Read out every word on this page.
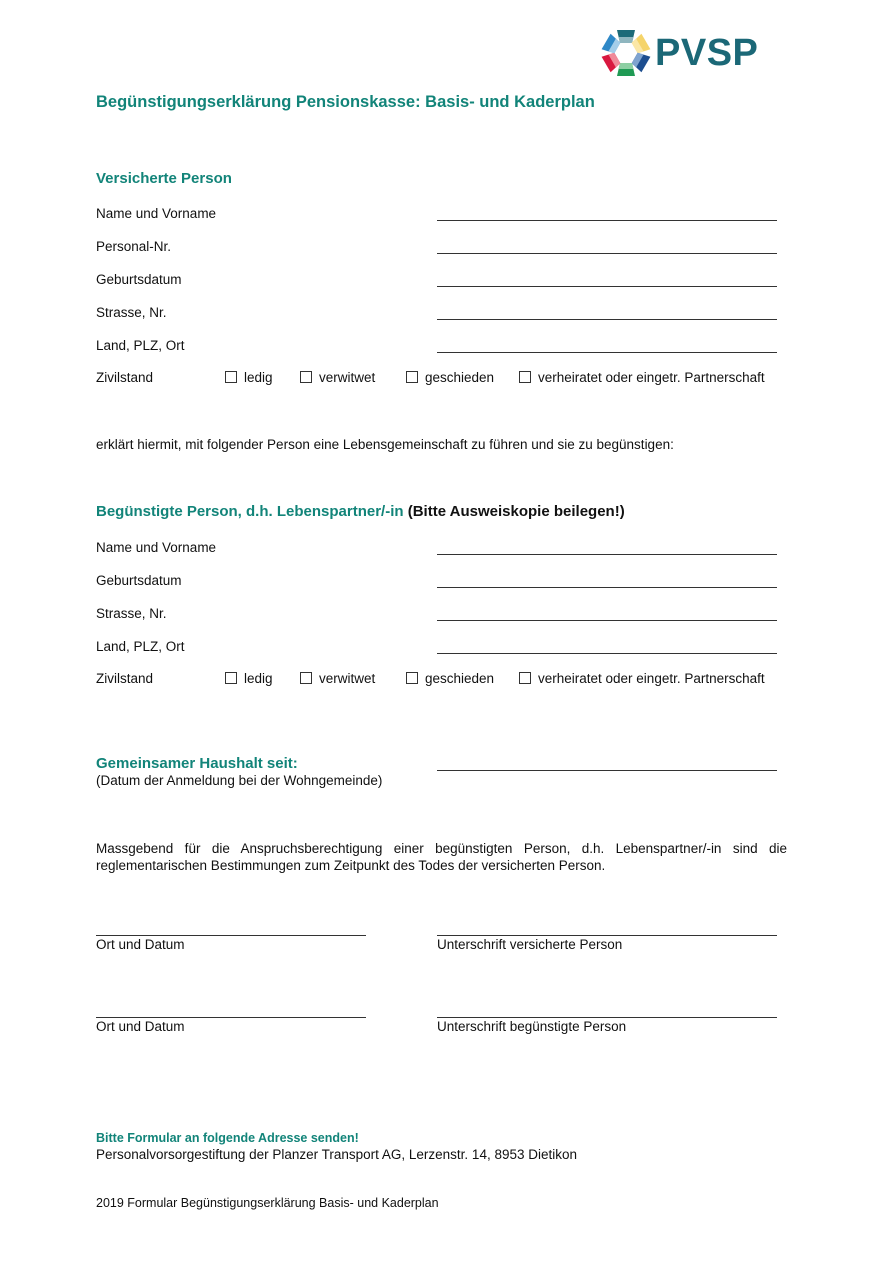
PVSP
Begünstigungserklärung Pensionskasse: Basis- und Kaderplan
Versicherte Person
Name und Vorname
Personal-Nr.
Geburtsdatum
Strasse, Nr.
Land, PLZ, Ort
Zivilstand	ledig	verwitwet	geschieden	verheiratet oder eingetr. Partnerschaft
erklärt hiermit, mit folgender Person eine Lebensgemeinschaft zu führen und sie zu begünstigen:
Begünstigte Person, d.h. Lebenspartner/-in (Bitte Ausweiskopie beilegen!)
Name und Vorname
Geburtsdatum
Strasse, Nr.
Land, PLZ, Ort
Zivilstand	ledig	verwitwet	geschieden	verheiratet oder eingetr. Partnerschaft
Gemeinsamer Haushalt seit:
(Datum der Anmeldung bei der Wohngemeinde)
Massgebend für die Anspruchsberechtigung einer begünstigten Person, d.h. Lebenspartner/-in sind die reglementarischen Bestimmungen zum Zeitpunkt des Todes der versicherten Person.
Ort und Datum	Unterschrift versicherte Person
Ort und Datum	Unterschrift begünstigte Person
Bitte Formular an folgende Adresse senden!
Personalvorsorgestiftung der Planzer Transport AG, Lerzenstr. 14, 8953 Dietikon
2019 Formular Begünstigungserklärung Basis- und Kaderplan
